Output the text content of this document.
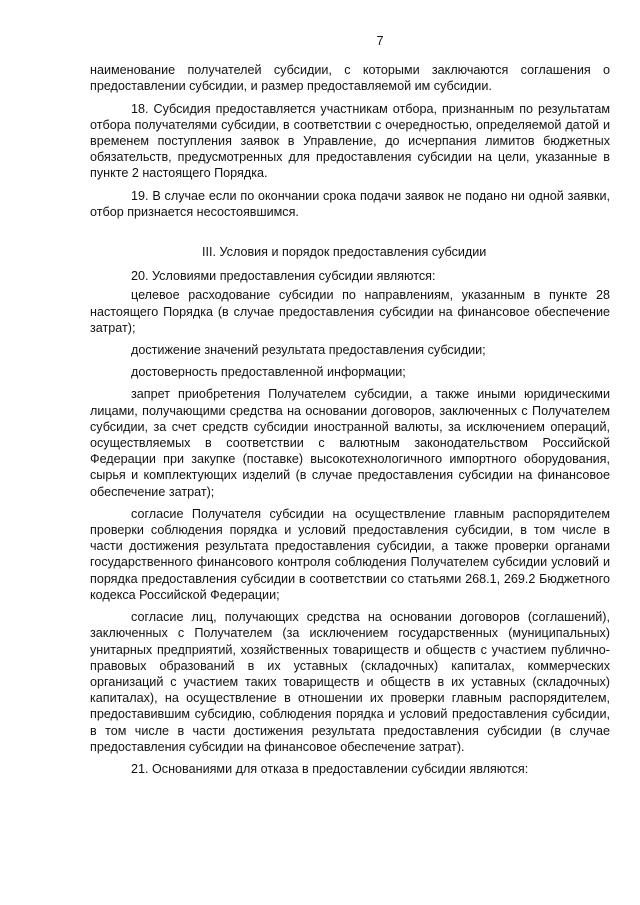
7

наименование получателей субсидии, с которыми заключаются соглашения о предоставлении субсидии, и размер предоставляемой им субсидии.

18. Субсидия предоставляется участникам отбора, признанным по результатам отбора получателями субсидии, в соответствии с очередностью, определяемой датой и временем поступления заявок в Управление, до исчерпания лимитов бюджетных обязательств, предусмотренных для предоставления субсидии на цели, указанные в пункте 2 настоящего Порядка.

19. В случае если по окончании срока подачи заявок не подано ни одной заявки, отбор признается несостоявшимся.

III. Условия и порядок предоставления субсидии

20. Условиями предоставления субсидии являются:

целевое расходование субсидии по направлениям, указанным в пункте 28 настоящего Порядка (в случае предоставления субсидии на финансовое обеспечение затрат);

достижение значений результата предоставления субсидии;

достоверность предоставленной информации;

запрет приобретения Получателем субсидии, а также иными юридическими лицами, получающими средства на основании договоров, заключенных с Получателем субсидии, за счет средств субсидии иностранной валюты, за исключением операций, осуществляемых в соответствии с валютным законодательством Российской Федерации при закупке (поставке) высокотехнологичного импортного оборудования, сырья и комплектующих изделий (в случае предоставления субсидии на финансовое обеспечение затрат);

согласие Получателя субсидии на осуществление главным распорядителем проверки соблюдения порядка и условий предоставления субсидии, в том числе в части достижения результата предоставления субсидии, а также проверки органами государственного финансового контроля соблюдения Получателем субсидии условий и порядка предоставления субсидии в соответствии со статьями 268.1, 269.2 Бюджетного кодекса Российской Федерации;

согласие лиц, получающих средства на основании договоров (соглашений), заключенных с Получателем (за исключением государственных (муниципальных) унитарных предприятий, хозяйственных товариществ и обществ с участием публично-правовых образований в их уставных (складочных) капиталах, коммерческих организаций с участием таких товариществ и обществ в их уставных (складочных) капиталах), на осуществление в отношении их проверки главным распорядителем, предоставившим субсидию, соблюдения порядка и условий предоставления субсидии, в том числе в части достижения результата предоставления субсидии (в случае предоставления субсидии на финансовое обеспечение затрат).

21. Основаниями для отказа в предоставлении субсидии являются:
